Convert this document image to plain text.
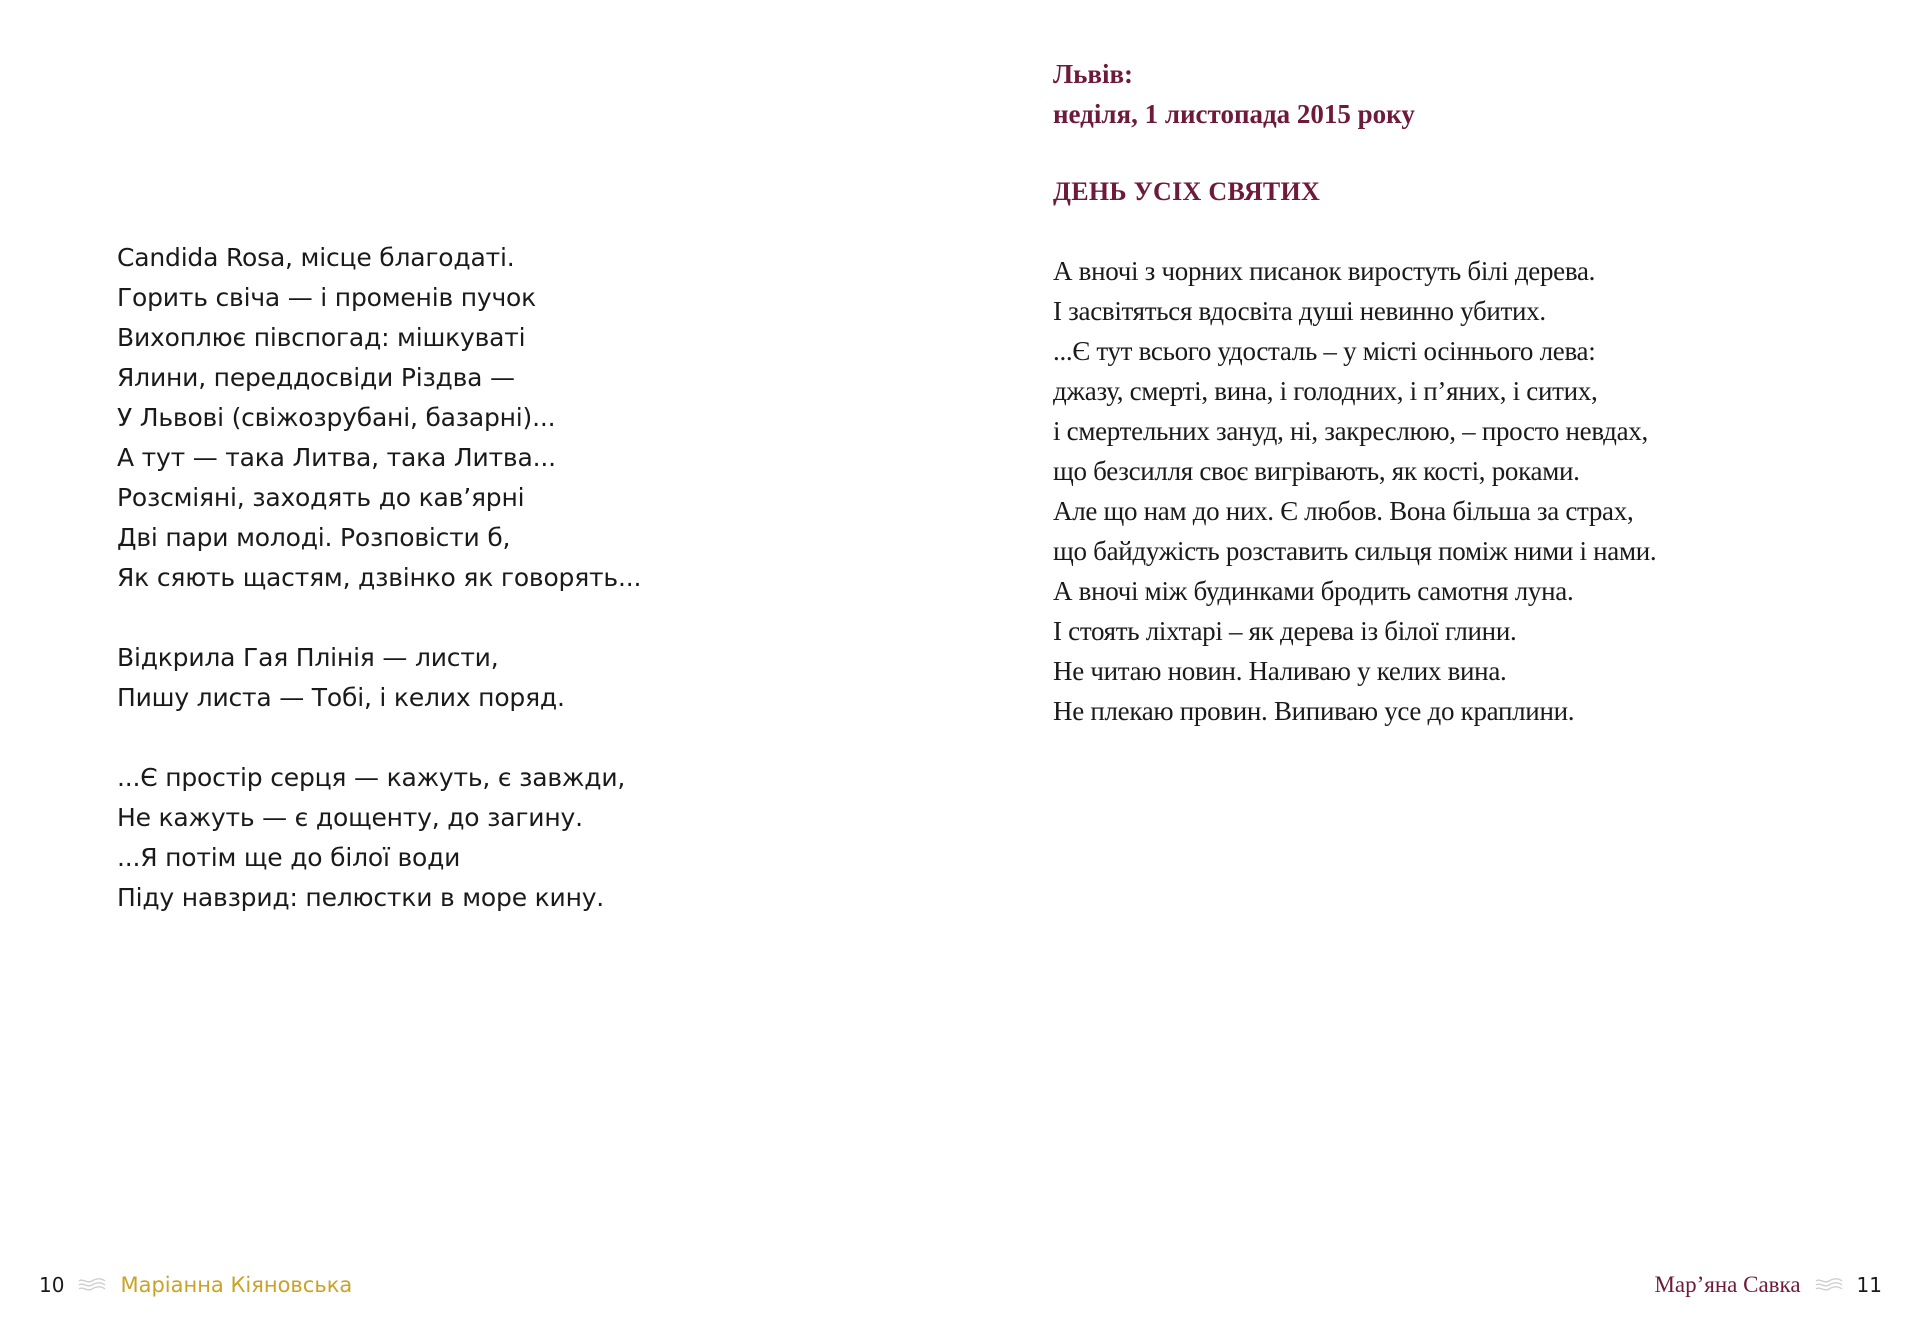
Candida Rosa, місце благодаті.
Горить свіча — і променів пучок
Вихоплює півспогад: мішкуваті
Ялини, переддосвіди Різдва —
У Львові (свіжозрубані, базарні)...
А тут — така Литва, така Литва...
Розсміяні, заходять до кав’ярні
Дві пари молоді. Розповісти б,
Як сяють щастям, дзвінко як говорять...
Відкрила Гая Плінія — листи,
Пишу листа — Тобі, і келих поряд.
...Є простір серця — кажуть, є завжди,
Не кажуть — є дощенту, до загину.
...Я потім ще до білої води
Піду навзрид: пелюстки в море кину.
10	Маріанна Кіяновська
Львів:
неділя, 1 листопада 2015 року
ДЕНЬ УСІХ СВЯТИХ
А вночі з чорних писанок виростуть білі дерева.
І засвітяться вдосвіта душі невинно убитих.
...Є тут всього удосталь – у місті осіннього лева:
джазу, смерті, вина, і голодних, і п’яних, і ситих,
і смертельних зануд, ні, закреслюю, – просто невдах,
що безсилля своє вигрівають, як кості, роками.
Але що нам до них. Є любов. Вона більша за страх,
що байдужість розставить сильця поміж ними і нами.
А вночі між будинками бродить самотня луна.
І стоять ліхтарі – як дерева із білої глини.
Не читаю новин. Наливаю у келих вина.
Не плекаю провин. Випиваю усе до краплини.
Мар’яна Савка	11
